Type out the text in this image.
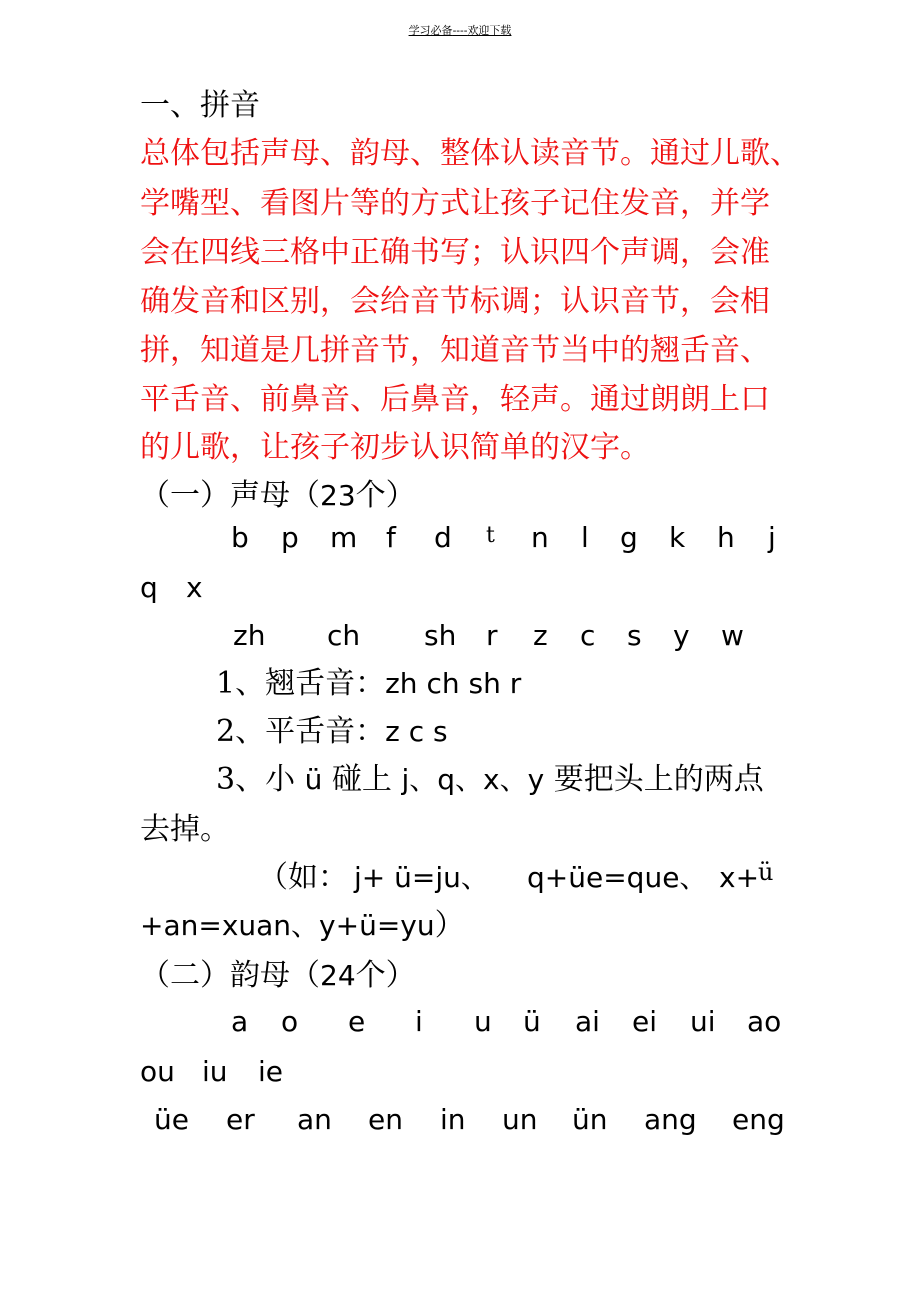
学习必备----欢迎下载
一、拼音
总体包括声母、韵母、整体认读音节。通过儿歌、
学嘴型、看图片等的方式让孩子记住发音，并学
会在四线三格中正确书写；认识四个声调，会准
确发音和区别，会给音节标调；认识音节，会相
拼，知道是几拼音节，知道音节当中的翘舌音、
平舌音、前鼻音、后鼻音，轻声。通过朗朗上口
的儿歌，让孩子初步认识简单的汉字。
（一）声母（23个）
b p m f d t n l g k h j
q x
zh ch sh r z c s y w
1、翘舌音：zh ch sh r
2、平舌音：z c s
3、小 ü 碰上 j、q、x、y 要把头上的两点
去掉。
（如： j+ ü=ju、 q+üe=que、 x+
ü
+an=xuan、y+ü=yu）
（二）韵母（24个）
a o e i u ü ai ei ui ao
ou iu ie
üe er an en in un ün ang eng
